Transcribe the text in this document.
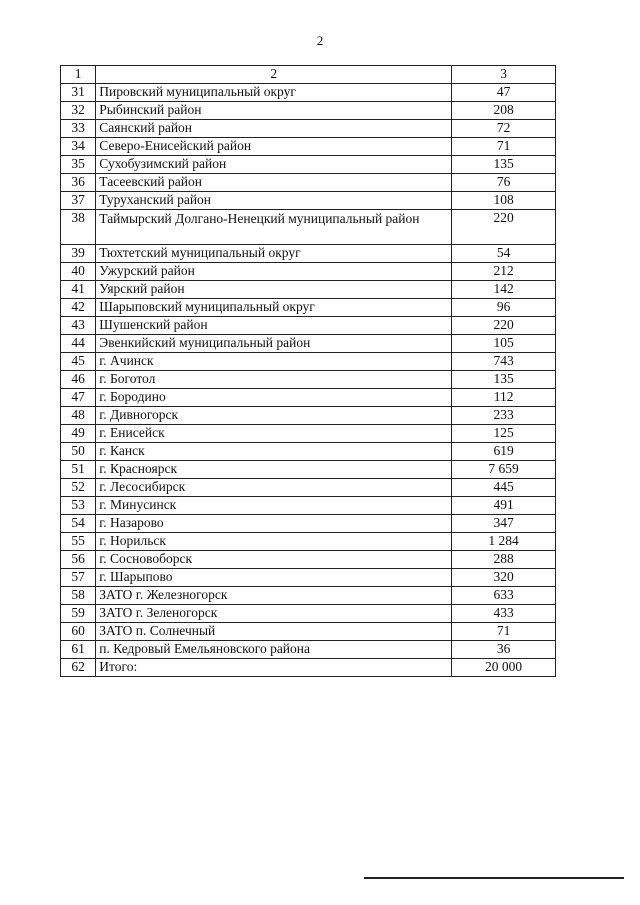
2
1	2	3
31	Пировский муниципальный округ	47
32	Рыбинский район	208
33	Саянский район	72
34	Северо-Енисейский район	71
35	Сухобузимский район	135
36	Тасеевский район	76
37	Туруханский район	108
38	Таймырский Долгано-Ненецкий муниципальный район	220
39	Тюхтетский муниципальный округ	54
40	Ужурский район	212
41	Уярский район	142
42	Шарыповский муниципальный округ	96
43	Шушенский район	220
44	Эвенкийский муниципальный район	105
45	г. Ачинск	743
46	г. Боготол	135
47	г. Бородино	112
48	г. Дивногорск	233
49	г. Енисейск	125
50	г. Канск	619
51	г. Красноярск	7 659
52	г. Лесосибирск	445
53	г. Минусинск	491
54	г. Назарово	347
55	г. Норильск	1 284
56	г. Сосновоборск	288
57	г. Шарыпово	320
58	ЗАТО г. Железногорск	633
59	ЗАТО г. Зеленогорск	433
60	ЗАТО п. Солнечный	71
61	п. Кедровый Емельяновского района	36
62	Итого:	20 000
